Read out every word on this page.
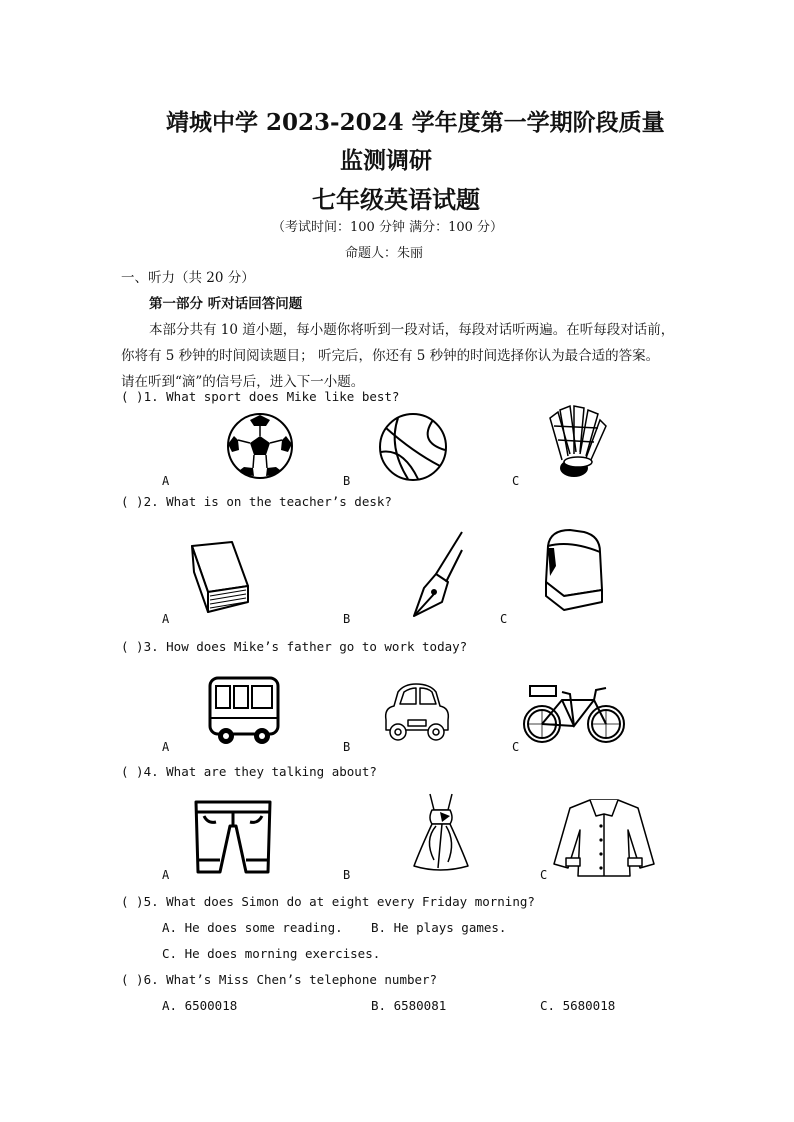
靖城中学 2023-2024 学年度第一学期阶段质量
监测调研
七年级英语试题
（考试时间：100 分钟 满分：100 分）
命题人：朱丽
一、听力（共 20 分）
第一部分 听对话回答问题
本部分共有 10 道小题，每小题你将听到一段对话，每段对话听两遍。在听每段对话前，
你将有 5 秒钟的时间阅读题目； 听完后，你还有 5 秒钟的时间选择你认为最合适的答案。
请在听到“滴”的信号后，进入下一小题。
( )1. What sport does Mike like best?
A	B	C
( )2. What is on the teacher’s desk?
A	B	C
( )3. How does Mike’s father go to work today?
A	B	C
( )4. What are they talking about?
A	B	C
( )5. What does Simon do at eight every Friday morning?
A. He does some reading. B. He plays games.
C. He does morning exercises.
( )6. What’s Miss Chen’s telephone number?
A. 6500018	B. 6580081	C. 5680018
